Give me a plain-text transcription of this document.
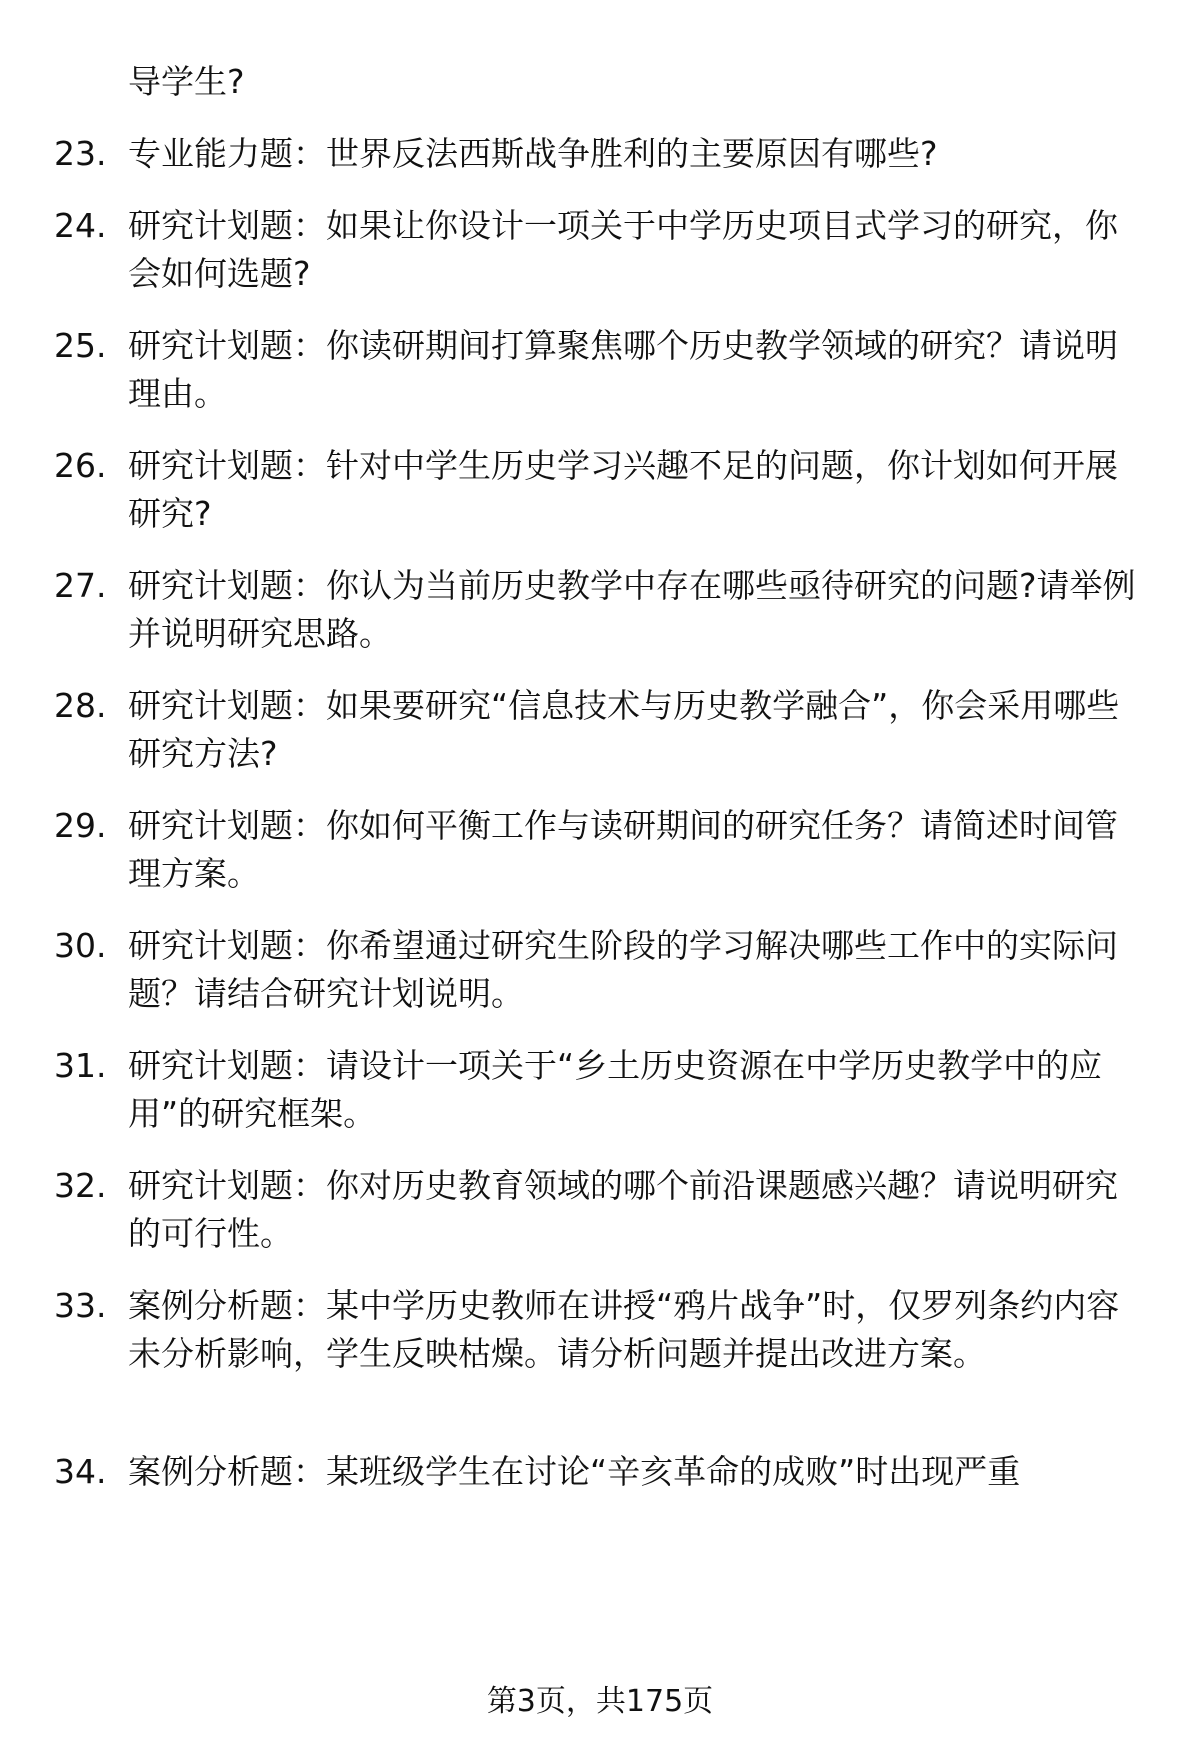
导学生?
23. 专业能力题：世界反法西斯战争胜利的主要原因有哪些?
24. 研究计划题：如果让你设计一项关于中学历史项目式学习的研究，你会如何选题?
25. 研究计划题：你读研期间打算聚焦哪个历史教学领域的研究？请说明理由。
26. 研究计划题：针对中学生历史学习兴趣不足的问题，你计划如何开展研究?
27. 研究计划题：你认为当前历史教学中存在哪些亟待研究的问题?请举例并说明研究思路。
28. 研究计划题：如果要研究“信息技术与历史教学融合”，你会采用哪些研究方法?
29. 研究计划题：你如何平衡工作与读研期间的研究任务？请简述时间管理方案。
30. 研究计划题：你希望通过研究生阶段的学习解决哪些工作中的实际问题？请结合研究计划说明。
31. 研究计划题：请设计一项关于“乡土历史资源在中学历史教学中的应用”的研究框架。
32. 研究计划题：你对历史教育领域的哪个前沿课题感兴趣？请说明研究的可行性。
33. 案例分析题：某中学历史教师在讲授“鸦片战争”时，仅罗列条约内容未分析影响，学生反映枯燥。请分析问题并提出改进方案。
34. 案例分析题：某班级学生在讨论“辛亥革命的成败”时出现严重
第3页，共175页
